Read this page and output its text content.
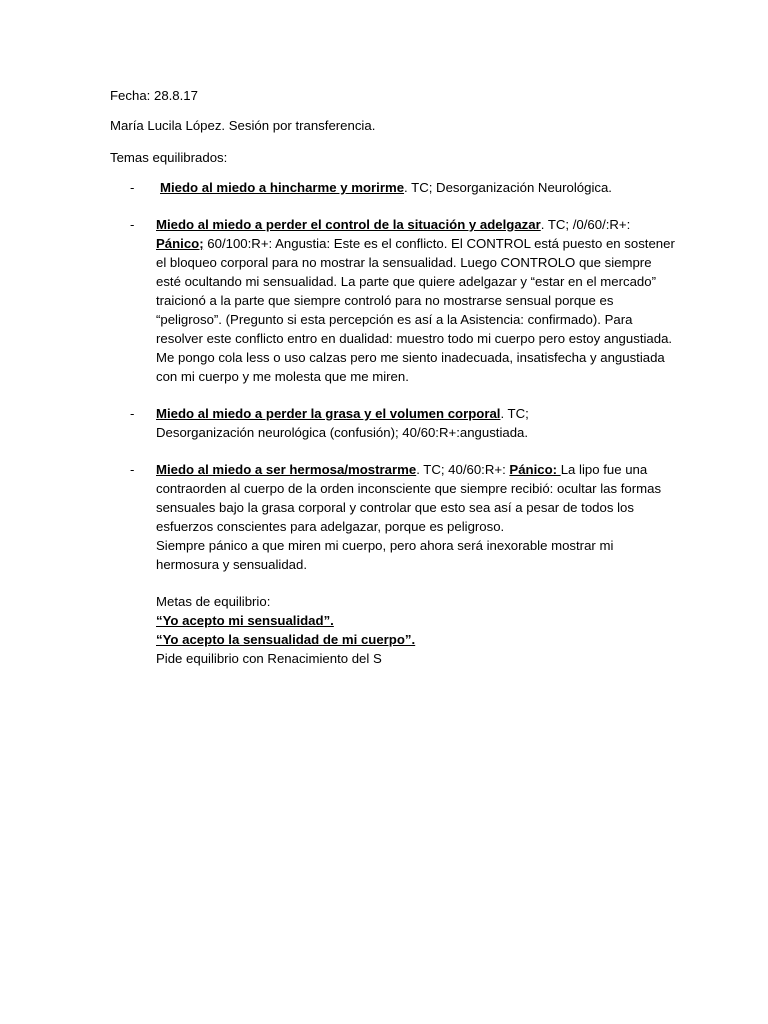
Fecha: 28.8.17
María Lucila López. Sesión por transferencia.
Temas equilibrados:
- Miedo al miedo a hincharme y morirme. TC; Desorganización Neurológica.
- Miedo al miedo a perder el control de la situación y adelgazar. TC; /0/60/:R+: Pánico; 60/100:R+: Angustia: Este es el conflicto. El CONTROL está puesto en sostener el bloqueo corporal para no mostrar la sensualidad. Luego CONTROLO que siempre esté ocultando mi sensualidad. La parte que quiere adelgazar y “estar en el mercado” traicionó a la parte que siempre controló para no mostrarse sensual porque es “peligroso”. (Pregunto si esta percepción es así a la Asistencia: confirmado). Para resolver este conflicto entro en dualidad: muestro todo mi cuerpo pero estoy angustiada. Me pongo cola less o uso calzas pero me siento inadecuada, insatisfecha y angustiada con mi cuerpo y me molesta que me miren.
- Miedo al miedo a perder la grasa y el volumen corporal. TC; Desorganización neurológica (confusión); 40/60:R+:angustiada.
- Miedo al miedo a ser hermosa/mostrarme. TC; 40/60:R+: Pánico: La lipo fue una contraorden al cuerpo de la orden inconsciente que siempre recibió: ocultar las formas sensuales bajo la grasa corporal y controlar que esto sea así a pesar de todos los esfuerzos conscientes para adelgazar, porque es peligroso.
Siempre pánico a que miren mi cuerpo, pero ahora será inexorable mostrar mi hermosura y sensualidad.
Metas de equilibrio:
“Yo acepto mi sensualidad”.
“Yo acepto la sensualidad de mi cuerpo”.
Pide equilibrio con Renacimiento del S
